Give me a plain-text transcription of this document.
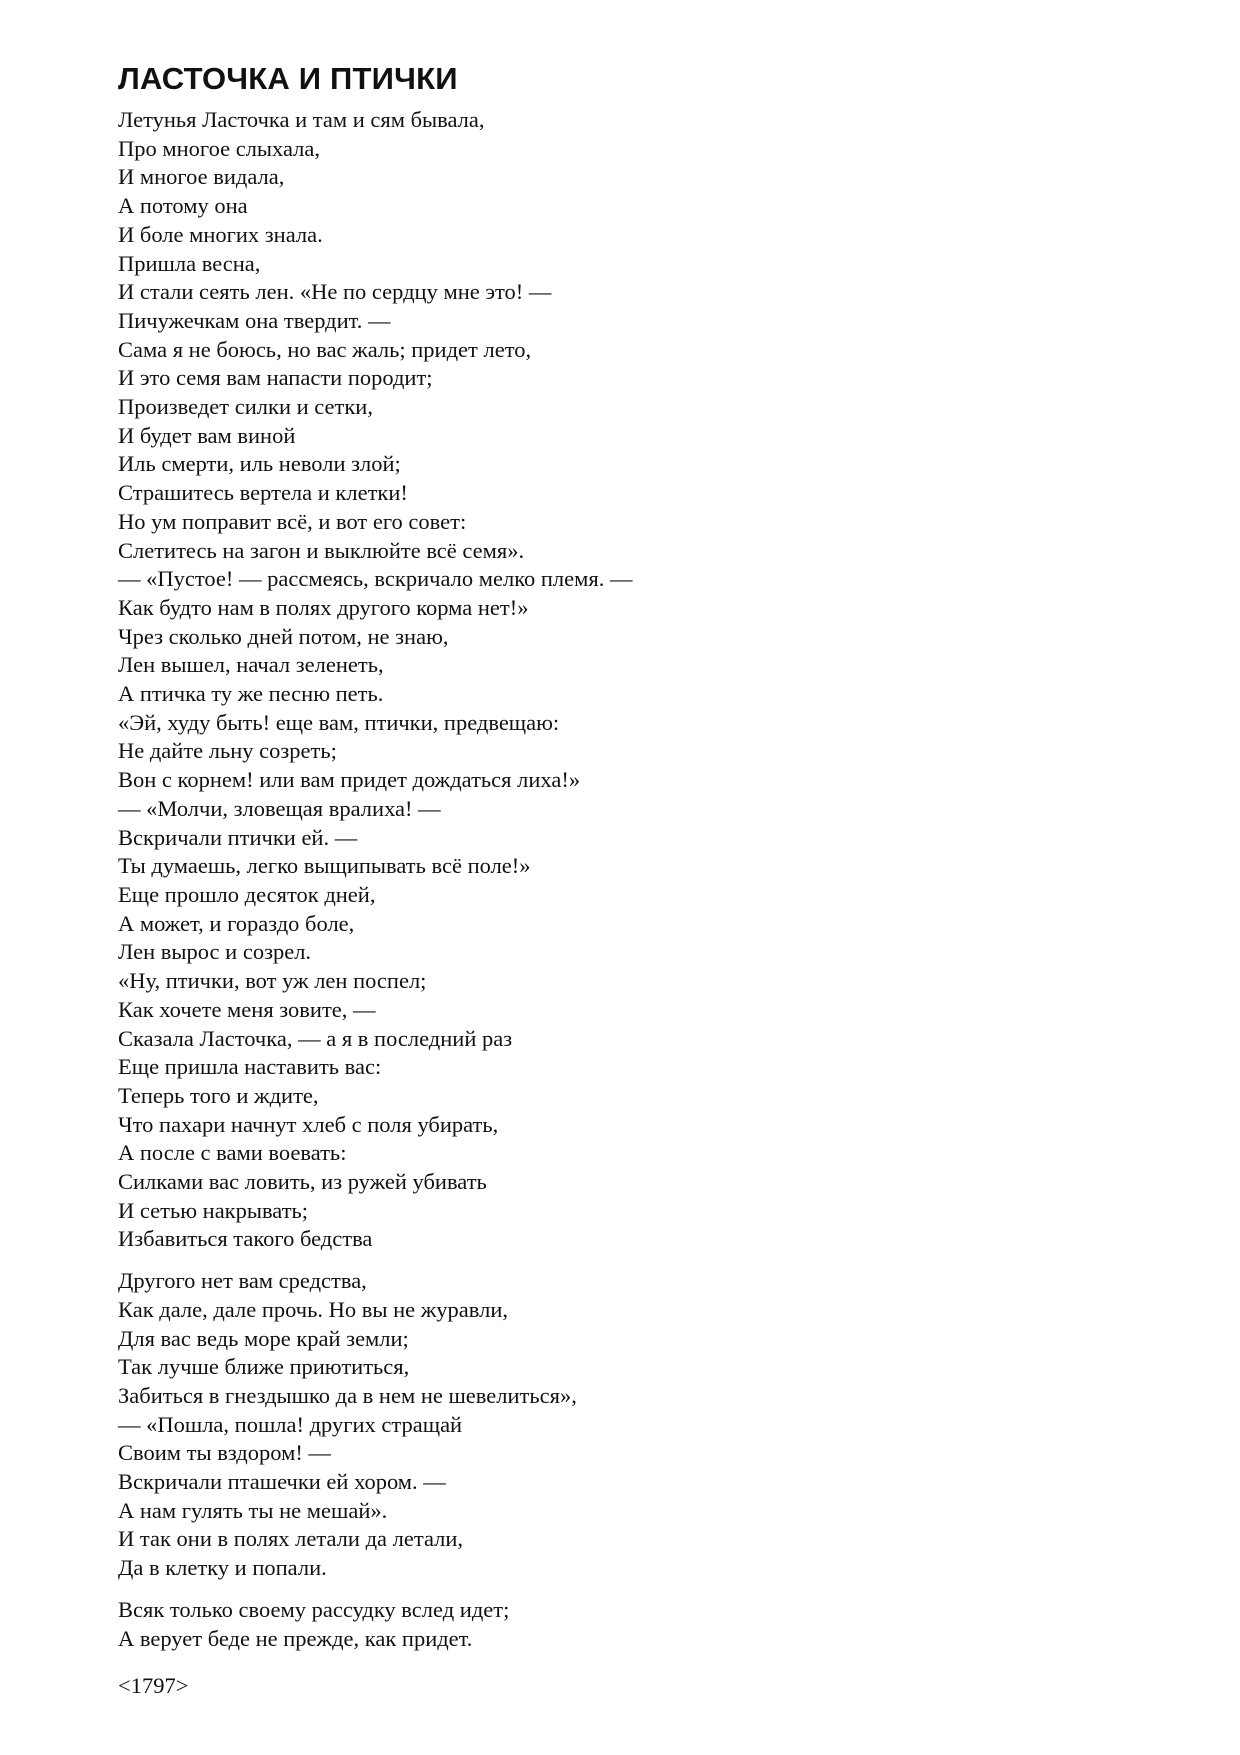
ЛАСТОЧКА И ПТИЧКИ
Летунья Ласточка и там и сям бывала,
Про многое слыхала,
И многое видала,
А потому она
И боле многих знала.
Пришла весна,
И стали сеять лен. «Не по сердцу мне это! —
Пичужечкам она твердит. —
Сама я не боюсь, но вас жаль; придет лето,
И это семя вам напасти породит;
Произведет силки и сетки,
И будет вам виной
Иль смерти, иль неволи злой;
Страшитесь вертела и клетки!
Но ум поправит всё, и вот его совет:
Слетитесь на загон и выклюйте всё семя».
— «Пустое! — рассмеясь, вскричало мелко племя. —
Как будто нам в полях другого корма нет!»
Чрез сколько дней потом, не знаю,
Лен вышел, начал зеленеть,
А птичка ту же песню петь.
«Эй, худу быть! еще вам, птички, предвещаю:
Не дайте льну созреть;
Вон с корнем! или вам придет дождаться лиха!»
— «Молчи, зловещая вралиха! —
Вскричали птички ей. —
Ты думаешь, легко выщипывать всё поле!»
Еще прошло десяток дней,
А может, и гораздо боле,
Лен вырос и созрел.
«Ну, птички, вот уж лен поспел;
Как хочете меня зовите, —
Сказала Ласточка, — а я в последний раз
Еще пришла наставить вас:
Теперь того и ждите,
Что пахари начнут хлеб с поля убирать,
А после с вами воевать:
Силками вас ловить, из ружей убивать
И сетью накрывать;
Избавиться такого бедства
Другого нет вам средства,
Как дале, дале прочь. Но вы не журавли,
Для вас ведь море край земли;
Так лучше ближе приютиться,
Забиться в гнездышко да в нем не шевелиться»,
— «Пошла, пошла! других стращай
Своим ты вздором! —
Вскричали пташечки ей хором. —
А нам гулять ты не мешай».
И так они в полях летали да летали,
Да в клетку и попали.
Всяк только своему рассудку вслед идет;
А верует беде не прежде, как придет.
<1797>
